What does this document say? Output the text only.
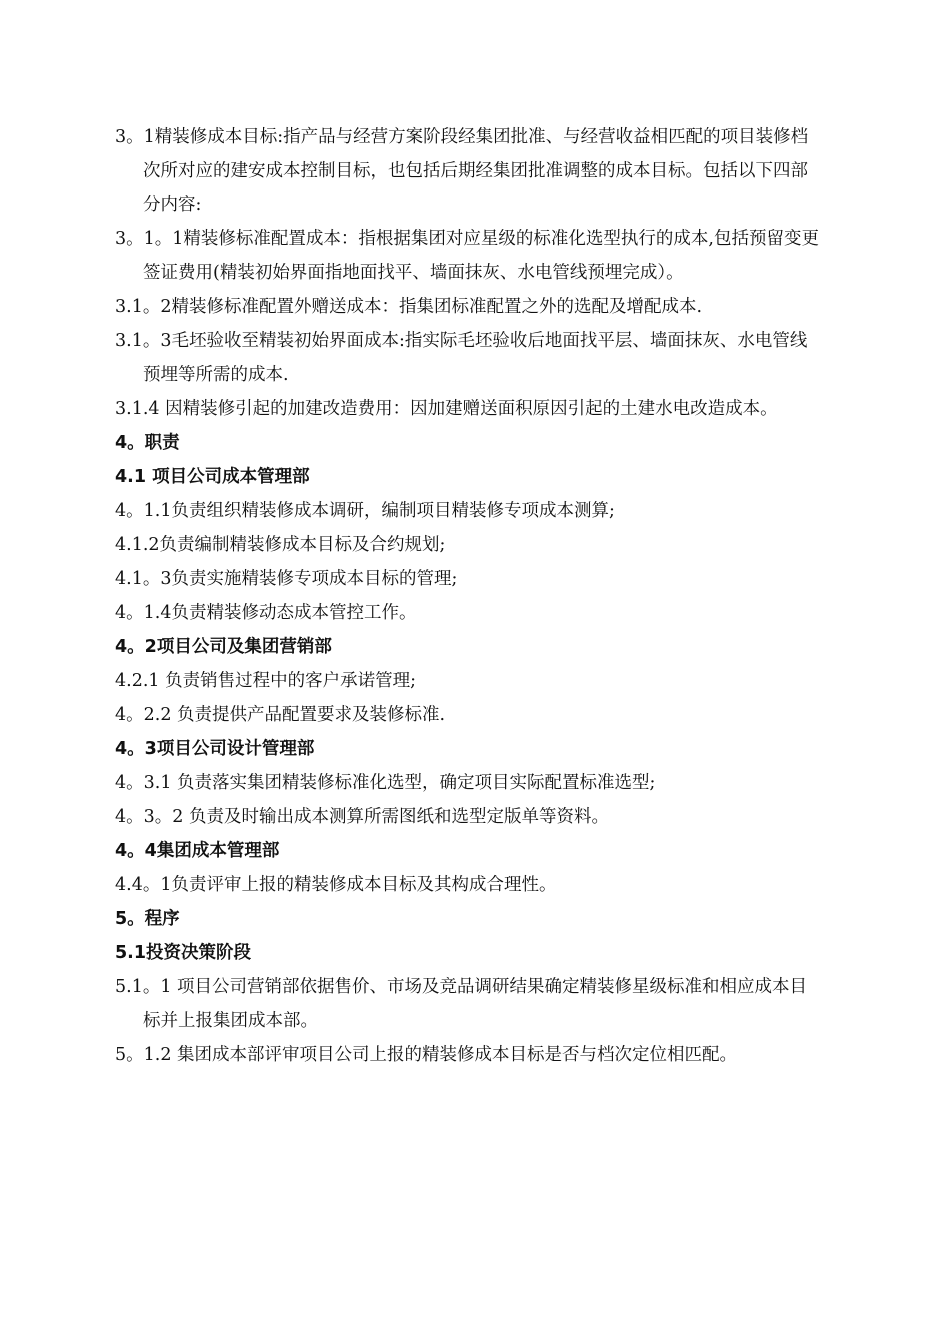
3。1精装修成本目标:指产品与经营方案阶段经集团批准、与经营收益相匹配的项目装修档次所对应的建安成本控制目标，也包括后期经集团批准调整的成本目标。包括以下四部分内容:

3。1。1精装修标准配置成本：指根据集团对应星级的标准化选型执行的成本,包括预留变更签证费用(精装初始界面指地面找平、墙面抹灰、水电管线预埋完成）。

3.1。2精装修标准配置外赠送成本：指集团标准配置之外的选配及增配成本.

3.1。3毛坯验收至精装初始界面成本:指实际毛坯验收后地面找平层、墙面抹灰、水电管线预埋等所需的成本.

3.1.4 因精装修引起的加建改造费用：因加建赠送面积原因引起的土建水电改造成本。

4。职责

4.1 项目公司成本管理部

4。1.1负责组织精装修成本调研，编制项目精装修专项成本测算;

4.1.2负责编制精装修成本目标及合约规划;

4.1。3负责实施精装修专项成本目标的管理;

4。1.4负责精装修动态成本管控工作。

4。2项目公司及集团营销部

4.2.1 负责销售过程中的客户承诺管理;

4。2.2 负责提供产品配置要求及装修标准.

4。3项目公司设计管理部

4。3.1 负责落实集团精装修标准化选型，确定项目实际配置标准选型;

4。3。2 负责及时输出成本测算所需图纸和选型定版单等资料。

4。4集团成本管理部

4.4。1负责评审上报的精装修成本目标及其构成合理性。

5。程序

5.1投资决策阶段

5.1。1 项目公司营销部依据售价、市场及竞品调研结果确定精装修星级标准和相应成本目标并上报集团成本部。

5。1.2 集团成本部评审项目公司上报的精装修成本目标是否与档次定位相匹配。
